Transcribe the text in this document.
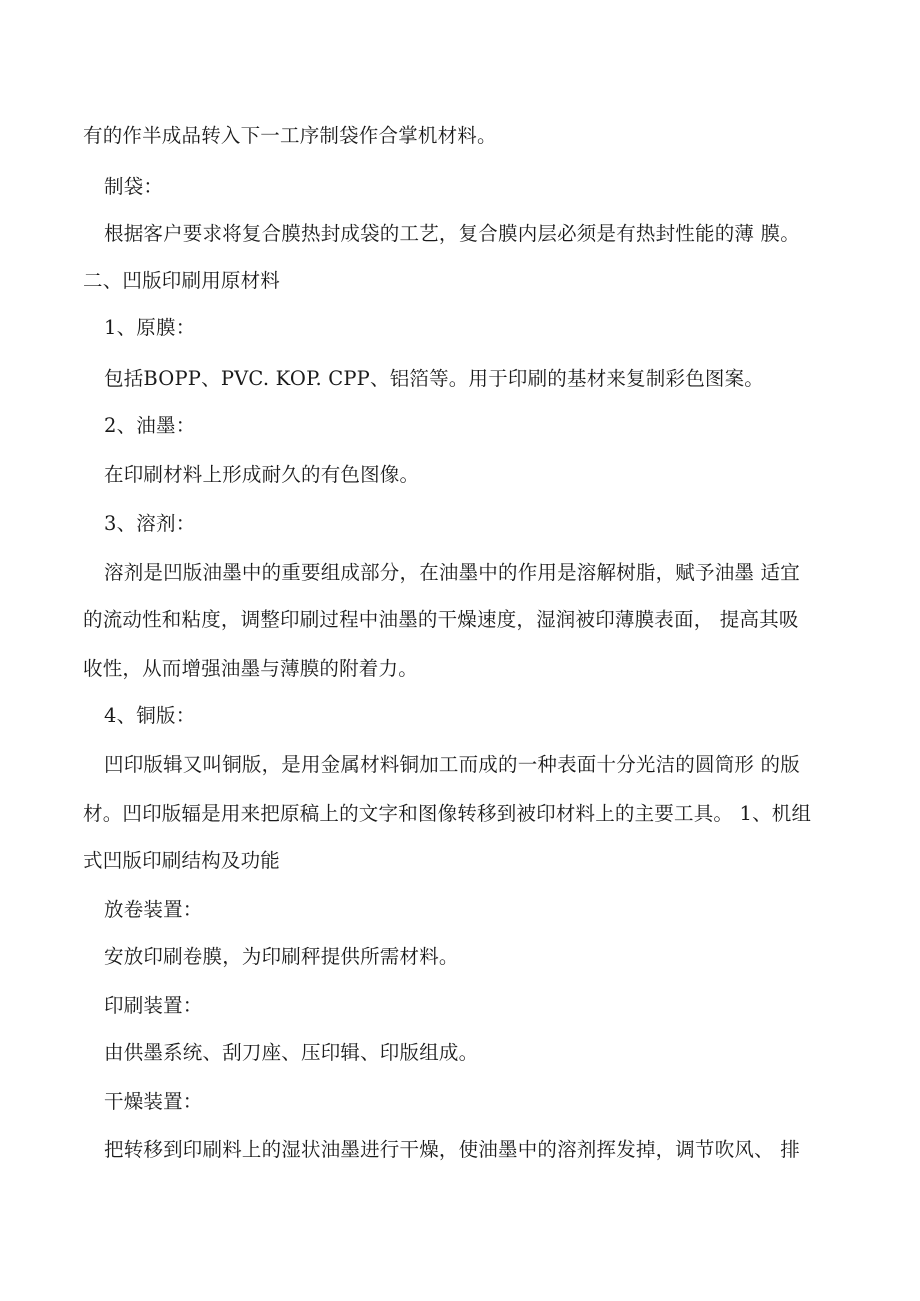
有的作半成品转入下一工序制袋作合掌机材料。
制袋：
根据客户要求将复合膜热封成袋的工艺，复合膜内层必须是有热封性能的薄 膜。
二、凹版印刷用原材料
1、原膜：
包括BOPP、PVC. KOP. CPP、铝箔等。用于印刷的基材来复制彩色图案。
2、油墨：
在印刷材料上形成耐久的有色图像。
3、溶剂：
溶剂是凹版油墨中的重要组成部分，在油墨中的作用是溶解树脂，赋予油墨 适宜
的流动性和粘度，调整印刷过程中油墨的干燥速度，湿润被印薄膜表面， 提高其吸
收性，从而增强油墨与薄膜的附着力。
4、铜版：
凹印版辑又叫铜版，是用金属材料铜加工而成的一种表面十分光洁的圆筒形 的版
材。凹印版辐是用来把原稿上的文字和图像转移到被印材料上的主要工具。 1、机组
式凹版印刷结构及功能
放卷装置：
安放印刷卷膜，为印刷秤提供所需材料。
印刷装置：
由供墨系统、刮刀座、压印辑、印版组成。
干燥装置：
把转移到印刷料上的湿状油墨进行干燥，使油墨中的溶剂挥发掉，调节吹风、 排
